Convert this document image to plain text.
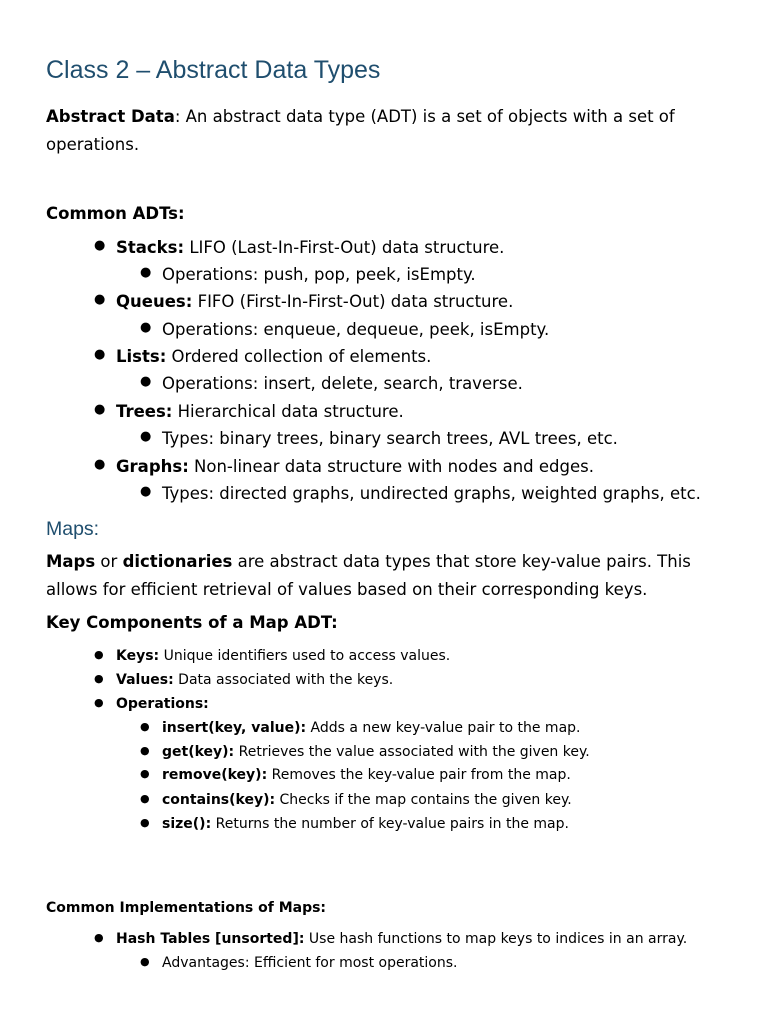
Class 2 – Abstract Data Types

Abstract Data: An abstract data type (ADT) is a set of objects with a set of operations.

Common ADTs:
● Stacks: LIFO (Last-In-First-Out) data structure.
● Operations: push, pop, peek, isEmpty.
● Queues: FIFO (First-In-First-Out) data structure.
● Operations: enqueue, dequeue, peek, isEmpty.
● Lists: Ordered collection of elements.
● Operations: insert, delete, search, traverse.
● Trees: Hierarchical data structure.
● Types: binary trees, binary search trees, AVL trees, etc.
● Graphs: Non-linear data structure with nodes and edges.
● Types: directed graphs, undirected graphs, weighted graphs, etc.
Maps:

Maps or dictionaries are abstract data types that store key-value pairs. This allows for efficient retrieval of values based on their corresponding keys.

Key Components of a Map ADT:
● Keys: Unique identifiers used to access values.
● Values: Data associated with the keys.
● Operations:
● insert(key, value): Adds a new key-value pair to the map.
● get(key): Retrieves the value associated with the given key.
● remove(key): Removes the key-value pair from the map.
● contains(key): Checks if the map contains the given key.
● size(): Returns the number of key-value pairs in the map.
Common Implementations of Maps:
● Hash Tables [unsorted]: Use hash functions to map keys to indices in an array.
● Advantages: Efficient for most operations.
